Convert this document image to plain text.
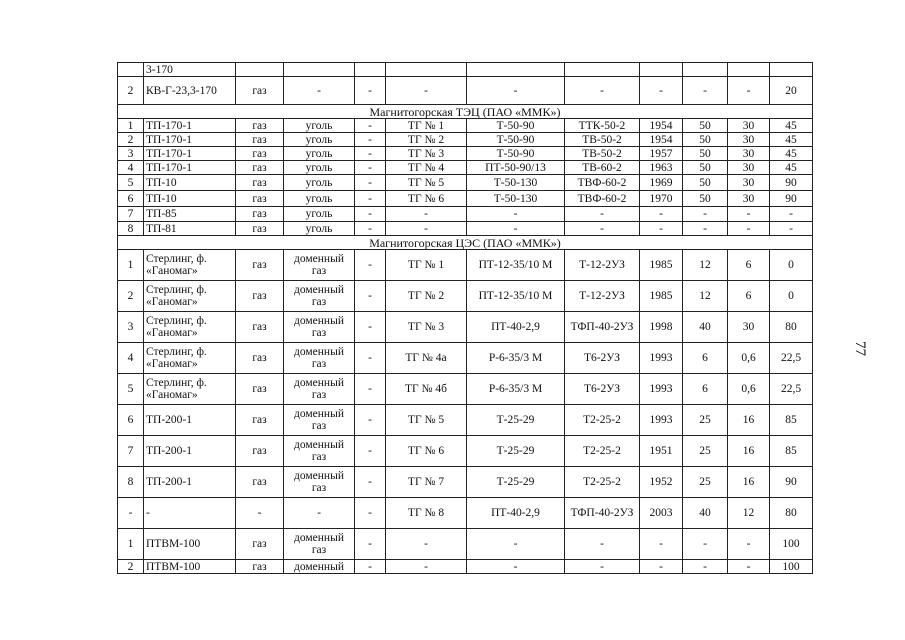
	3-170										
2	КВ-Г-23,3-170	газ	-	-	-	-	-	-	-	-	20
Магнитогорская ТЭЦ (ПАО «ММК»)											
1	ТП-170-1	газ	уголь	-	ТГ № 1	Т-50-90	ТТК-50-2	1954	50	30	45
2	ТП-170-1	газ	уголь	-	ТГ № 2	Т-50-90	ТВ-50-2	1954	50	30	45
3	ТП-170-1	газ	уголь	-	ТГ № 3	Т-50-90	ТВ-50-2	1957	50	30	45
4	ТП-170-1	газ	уголь	-	ТГ № 4	ПТ-50-90/13	ТВ-60-2	1963	50	30	45
5	ТП-10	газ	уголь	-	ТГ № 5	Т-50-130	ТВФ-60-2	1969	50	30	90
6	ТП-10	газ	уголь	-	ТГ № 6	Т-50-130	ТВФ-60-2	1970	50	30	90
7	ТП-85	газ	уголь	-	-	-	-	-	-	-	-
8	ТП-81	газ	уголь	-	-	-	-	-	-	-	-
Магнитогорская ЦЭС (ПАО «ММК»)											
1	Стерлинг, ф. «Ганомаг»	газ	доменный газ	-	ТГ № 1	ПТ-12-35/10 М	Т-12-2УЗ	1985	12	6	0
2	Стерлинг, ф. «Ганомаг»	газ	доменный газ	-	ТГ № 2	ПТ-12-35/10 М	Т-12-2УЗ	1985	12	6	0
3	Стерлинг, ф. «Ганомаг»	газ	доменный газ	-	ТГ № 3	ПТ-40-2,9	ТФП-40-2УЗ	1998	40	30	80
4	Стерлинг, ф. «Ганомаг»	газ	доменный газ	-	ТГ № 4а	Р-6-35/3 М	Т6-2УЗ	1993	6	0,6	22,5
5	Стерлинг, ф. «Ганомаг»	газ	доменный газ	-	ТГ № 4б	Р-6-35/3 М	Т6-2УЗ	1993	6	0,6	22,5
6	ТП-200-1	газ	доменный газ	-	ТГ № 5	Т-25-29	Т2-25-2	1993	25	16	85
7	ТП-200-1	газ	доменный газ	-	ТГ № 6	Т-25-29	Т2-25-2	1951	25	16	85
8	ТП-200-1	газ	доменный газ	-	ТГ № 7	Т-25-29	Т2-25-2	1952	25	16	90
-	-	-	-	-	ТГ № 8	ПТ-40-2,9	ТФП-40-2УЗ	2003	40	12	80
1	ПТВМ-100	газ	доменный газ	-	-	-	-	-	-	-	100
2	ПТВМ-100	газ	доменный	-	-	-	-	-	-	-	100
77
